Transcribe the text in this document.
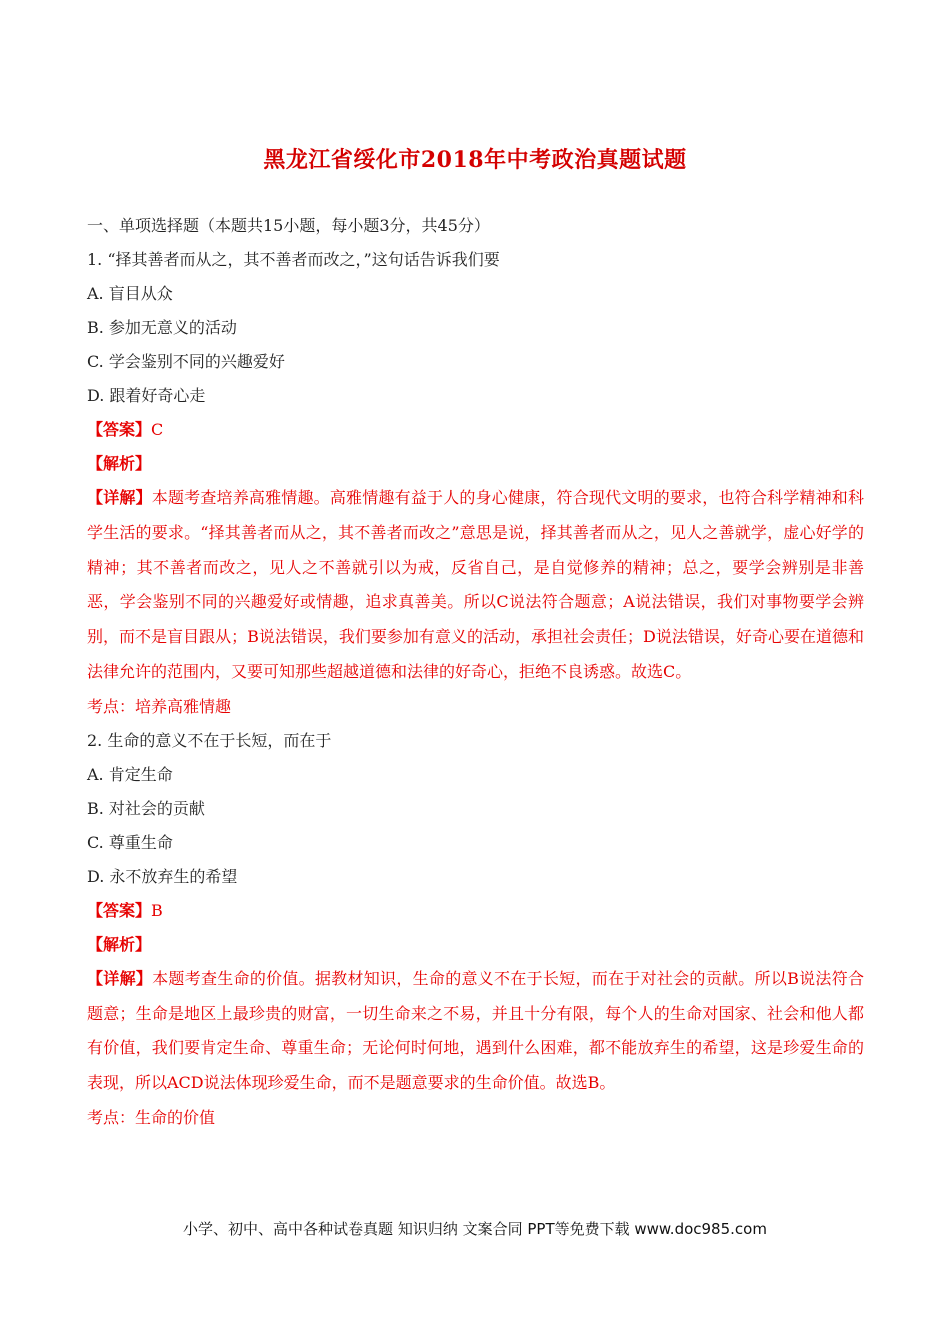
黑龙江省绥化市2018年中考政治真题试题
一、单项选择题（本题共15小题，每小题3分，共45分）
1. “择其善者而从之，其不善者而改之，”这句话告诉我们要
A. 盲目从众
B. 参加无意义的活动
C. 学会鉴别不同的兴趣爱好
D. 跟着好奇心走
【答案】C
【解析】
【详解】本题考查培养高雅情趣。高雅情趣有益于人的身心健康，符合现代文明的要求，也符合科学精神和科学生活的要求。“择其善者而从之，其不善者而改之”意思是说，择其善者而从之，见人之善就学，虚心好学的精神；其不善者而改之，见人之不善就引以为戒，反省自己，是自觉修养的精神；总之，要学会辨别是非善恶，学会鉴别不同的兴趣爱好或情趣，追求真善美。所以C说法符合题意；A说法错误，我们对事物要学会辨别，而不是盲目跟从；B说法错误，我们要参加有意义的活动，承担社会责任；D说法错误，好奇心要在道德和法律允许的范围内，又要可知那些超越道德和法律的好奇心，拒绝不良诱惑。故选C。
考点：培养高雅情趣
2. 生命的意义不在于长短，而在于
A. 肯定生命
B. 对社会的贡献
C. 尊重生命
D. 永不放弃生的希望
【答案】B
【解析】
【详解】本题考查生命的价值。据教材知识，生命的意义不在于长短，而在于对社会的贡献。所以B说法符合题意；生命是地区上最珍贵的财富，一切生命来之不易，并且十分有限，每个人的生命对国家、社会和他人都有价值，我们要肯定生命、尊重生命；无论何时何地，遇到什么困难，都不能放弃生的希望，这是珍爱生命的表现，所以ACD说法体现珍爱生命，而不是题意要求的生命价值。故选B。
考点：生命的价值
小学、初中、高中各种试卷真题 知识归纳 文案合同 PPT等免费下载 www.doc985.com
